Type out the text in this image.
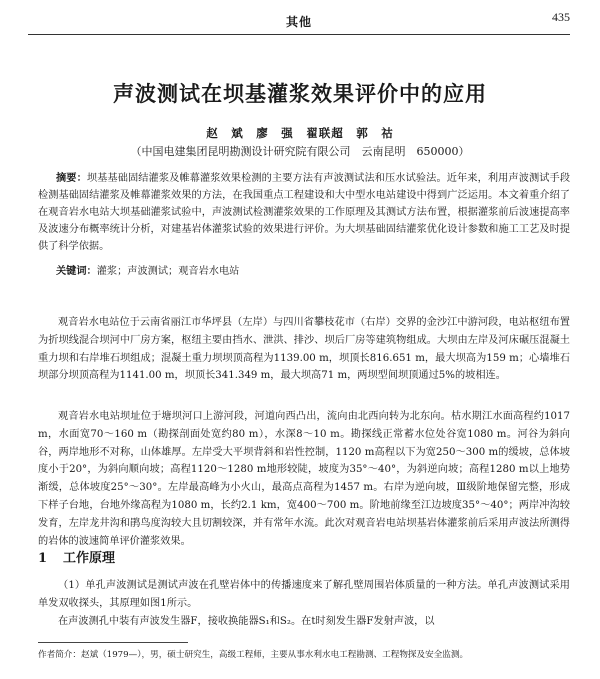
其他	435
声波测试在坝基灌浆效果评价中的应用
赵　斌　廖　强　翟联超　郭　祜
（中国电建集团昆明勘测设计研究院有限公司　云南昆明　650000）
摘要：坝基基础固结灌浆及帷幕灌浆效果检测的主要方法有声波测试法和压水试验法。近年来，利用声波测试手段检测基础固结灌浆及帷幕灌浆效果的方法，在我国重点工程建设和大中型水电站建设中得到广泛运用。本文着重介绍了在观音岩水电站大坝基础灌浆试验中，声波测试检测灌浆效果的工作原理及其测试方法布置，根据灌浆前后波速提高率及波速分布概率统计分析，对建基岩体灌浆试验的效果进行评价。为大坝基础固结灌浆优化设计参数和施工工艺及时提供了科学依据。
关键词：灌浆；声波测试；观音岩水电站
观音岩水电站位于云南省丽江市华坪县（左岸）与四川省攀枝花市（右岸）交界的金沙江中游河段，电站枢纽布置为折坝线混合坝河中厂房方案，枢纽主要由挡水、泄洪、排沙、坝后厂房等建筑物组成。大坝由左岸及河床碾压混凝土重力坝和右岸堆石坝组成；混凝土重力坝坝顶高程为1139.00 m，坝顶长816.651 m，最大坝高为159 m；心墙堆石坝部分坝顶高程为1141.00 m，坝顶长341.349 m，最大坝高71 m，两坝型间坝顶通过5%的坡相连。
观音岩水电站坝址位于塘坝河口上游河段，河道向西凸出，流向由北西向转为北东向。枯水期江水面高程约1017 m，水面宽70～160 m（勘探剖面处宽约80 m），水深8～10 m。勘探线正常蓄水位处谷宽1080 m。河谷为斜向谷，两岸地形不对称，山体雄厚。左岸受大平坝背斜和岩性控制，1120 m高程以下为宽250～300 m的缓坡，总体坡度小于20°，为斜向顺向坡；高程1120～1280 m地形较陡，坡度为35°～40°，为斜逆向坡；高程1280 m以上地势渐缓，总体坡度25°～30°。左岸最高峰为小火山，最高点高程为1457 m。右岸为逆向坡，Ⅲ级阶地保留完整，形成下样子台地，台地外缘高程为1080 m，长约2.1 km，宽400～700 m。阶地前缘至江边坡度35°～40°；两岸冲沟较发育，左岸龙井沟和鹃鸟度沟较大且切割较深，并有常年水流。此次对观音岩电站坝基岩体灌浆前后采用声波法所测得的岩体的波速简单评价灌浆效果。
1 工作原理
（1）单孔声波测试是测试声波在孔壁岩体中的传播速度来了解孔壁周围岩体质量的一种方法。单孔声波测试采用单发双收探头，其原理如图1所示。
在声波测孔中装有声波发生器F，接收换能器S₁和S₂。在t时刻发生器F发射声波，以
作者简介：赵斌（1979—），男，硕士研究生，高级工程师，主要从事水利水电工程勘测、工程物探及安全监测。
